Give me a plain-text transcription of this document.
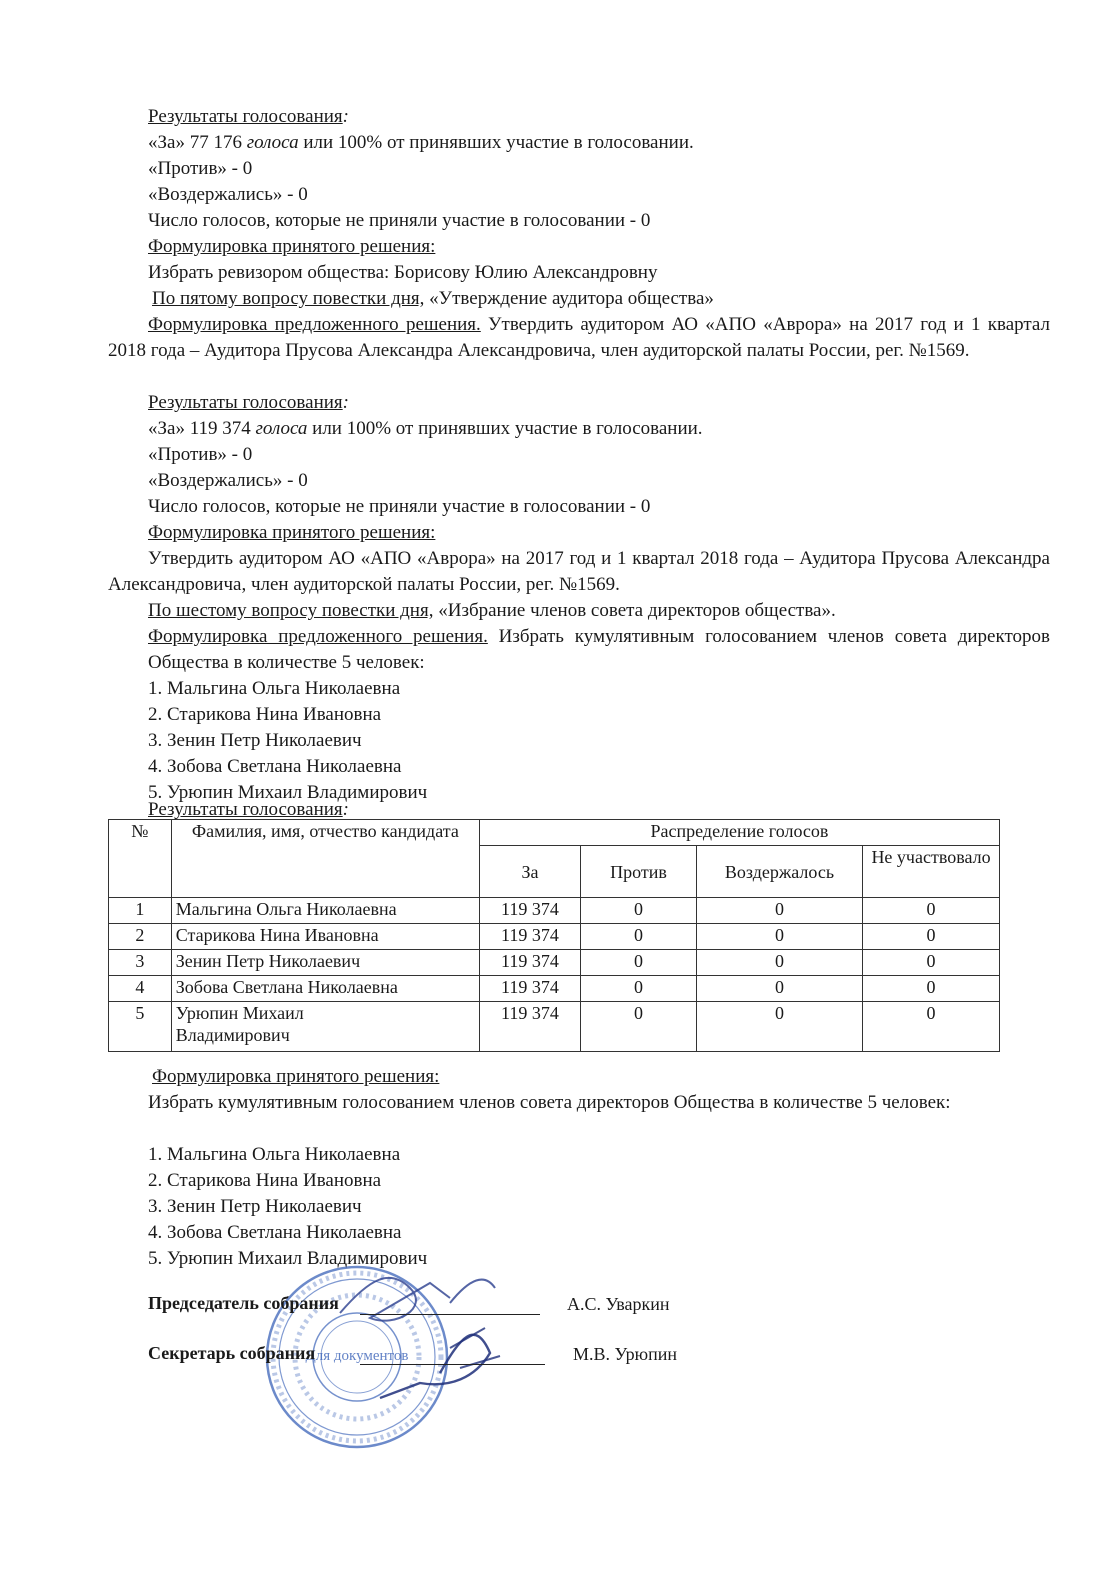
Результаты голосования:
«За» 77 176 голоса или 100% от принявших участие в голосовании.
«Против» - 0
«Воздержались» - 0
Число голосов, которые не приняли участие в голосовании - 0
Формулировка принятого решения:
Избрать ревизором общества: Борисову Юлию Александровну
По пятому вопросу повестки дня, «Утверждение аудитора общества»
Формулировка предложенного решения. Утвердить аудитором АО «АПО «Аврора» на 2017 год и 1 квартал 2018 года – Аудитора Прусова Александра Александровича, член аудиторской палаты России, рег. №1569.
Результаты голосования:
«За» 119 374 голоса или 100% от принявших участие в голосовании.
«Против» - 0
«Воздержались» - 0
Число голосов, которые не приняли участие в голосовании - 0
Формулировка принятого решения:
Утвердить аудитором АО «АПО «Аврора» на 2017 год и 1 квартал 2018 года – Аудитора Прусова Александра Александровича, член аудиторской палаты России, рег. №1569.
По шестому вопросу повестки дня, «Избрание членов совета директоров общества».
Формулировка предложенного решения. Избрать кумулятивным голосованием членов совета директоров Общества в количестве 5 человек:
1. Мальгина Ольга Николаевна
2. Старикова Нина Ивановна
3. Зенин Петр Николаевич
4. Зобова Светлана Николаевна
5. Урюпин Михаил Владимирович
Результаты голосования:
№	Фамилия, имя, отчество кандидата	Распределение голосов			
		За	Против	Воздержалось	Не участвовало
1	Мальгина Ольга Николаевна	119 374	0	0	0
2	Старикова Нина Ивановна	119 374	0	0	0
3	Зенин Петр Николаевич	119 374	0	0	0
4	Зобова Светлана Николаевна	119 374	0	0	0
5	Урюпин Михаил Владимирович	119 374	0	0	0
Формулировка принятого решения:
Избрать кумулятивным голосованием членов совета директоров Общества в количестве 5 человек:
1. Мальгина Ольга Николаевна
2. Старикова Нина Ивановна
3. Зенин Петр Николаевич
4. Зобова Светлана Николаевна
5. Урюпин Михаил Владимирович
Для документов
Председатель собрания	А.С. Уваркин
Секретарь собрания	М.В. Урюпин
